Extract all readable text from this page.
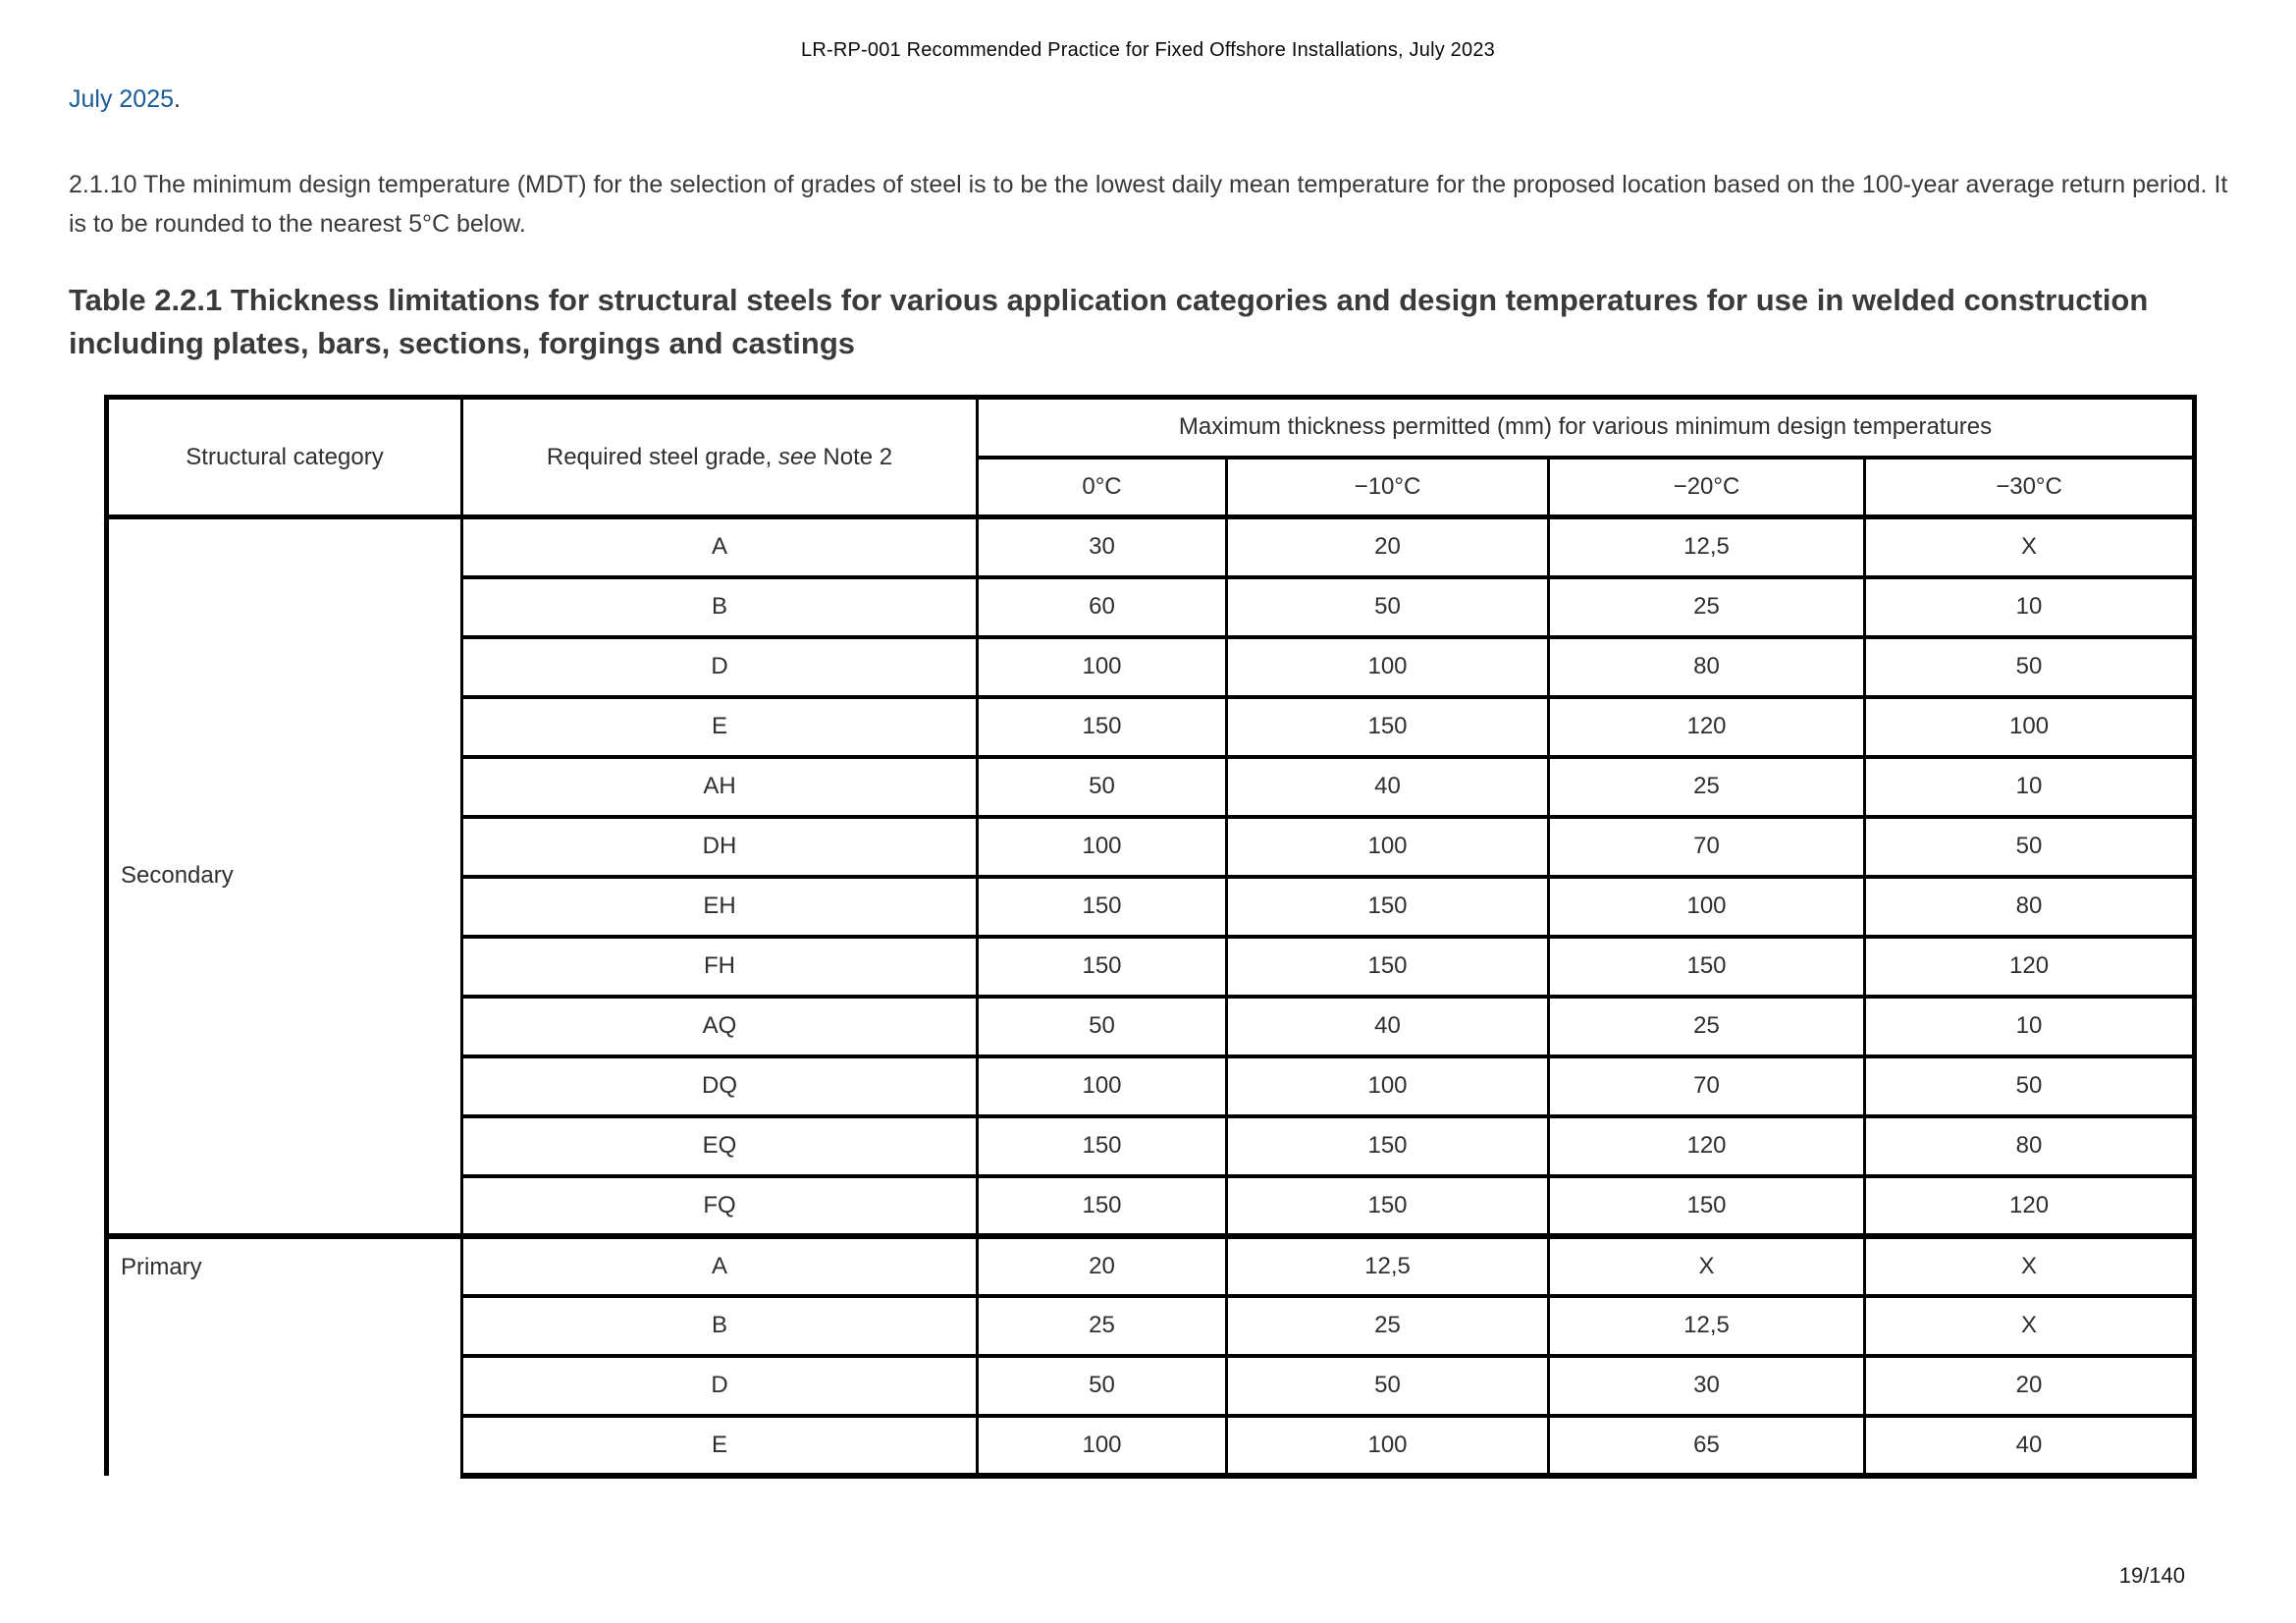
LR-RP-001 Recommended Practice for Fixed Offshore Installations, July 2023
July 2025.

2.1.10 The minimum design temperature (MDT) for the selection of grades of steel is to be the lowest daily mean temperature for the proposed location based on the 100-year average return period. It is to be rounded to the nearest 5°C below.

Table 2.2.1 Thickness limitations for structural steels for various application categories and design temperatures for use in welded construction including plates, bars, sections, forgings and castings
Structural category	Required steel grade, see Note 2	Maximum thickness permitted (mm) for various minimum design temperatures			
		0°C	−10°C	−20°C	−30°C
Secondary	A	30	20	12,5	X
	B	60	50	25	10
	D	100	100	80	50
	E	150	150	120	100
	AH	50	40	25	10
	DH	100	100	70	50
	EH	150	150	100	80
	FH	150	150	150	120
	AQ	50	40	25	10
	DQ	100	100	70	50
	EQ	150	150	120	80
	FQ	150	150	150	120
Primary	A	20	12,5	X	X
	B	25	25	12,5	X
	D	50	50	30	20
	E	100	100	65	40
19/140
